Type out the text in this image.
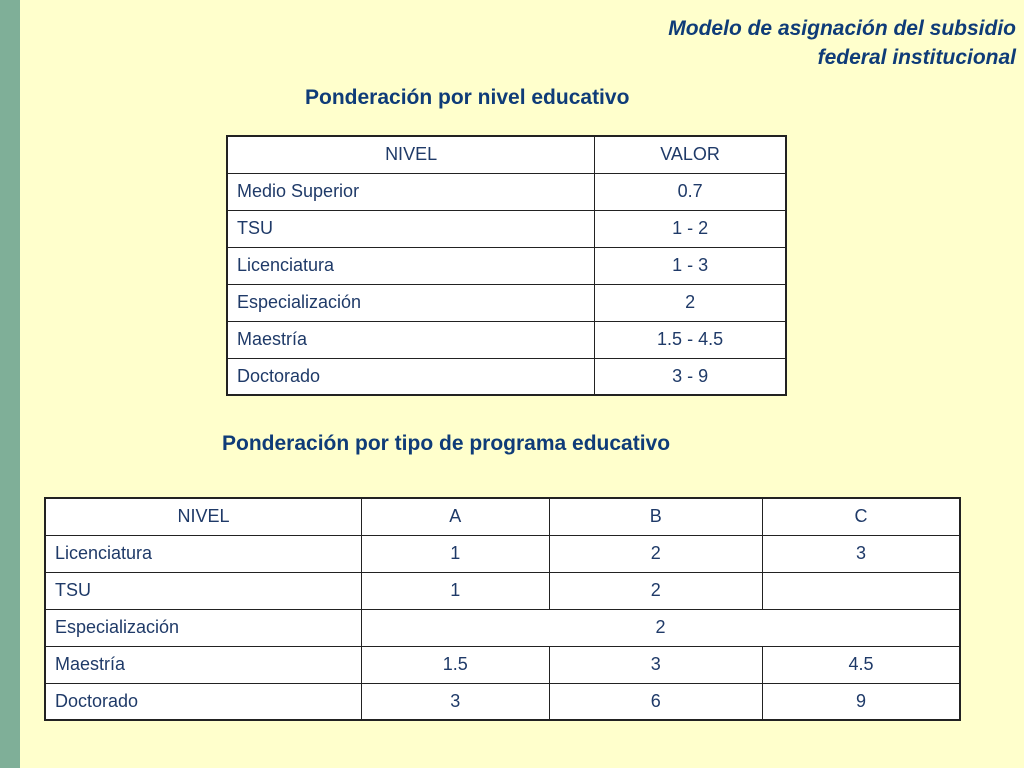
Modelo de asignación del subsidio
federal institucional
Ponderación por nivel educativo
NIVEL	VALOR
Medio Superior	0.7
TSU	1 - 2
Licenciatura	1 - 3
Especialización	2
Maestría	1.5 - 4.5
Doctorado	3 - 9
Ponderación por tipo de programa educativo
NIVEL	A	B	C
Licenciatura	1	2	3
TSU	1	2	
Especialización	2		
Maestría	1.5	3	4.5
Doctorado	3	6	9
